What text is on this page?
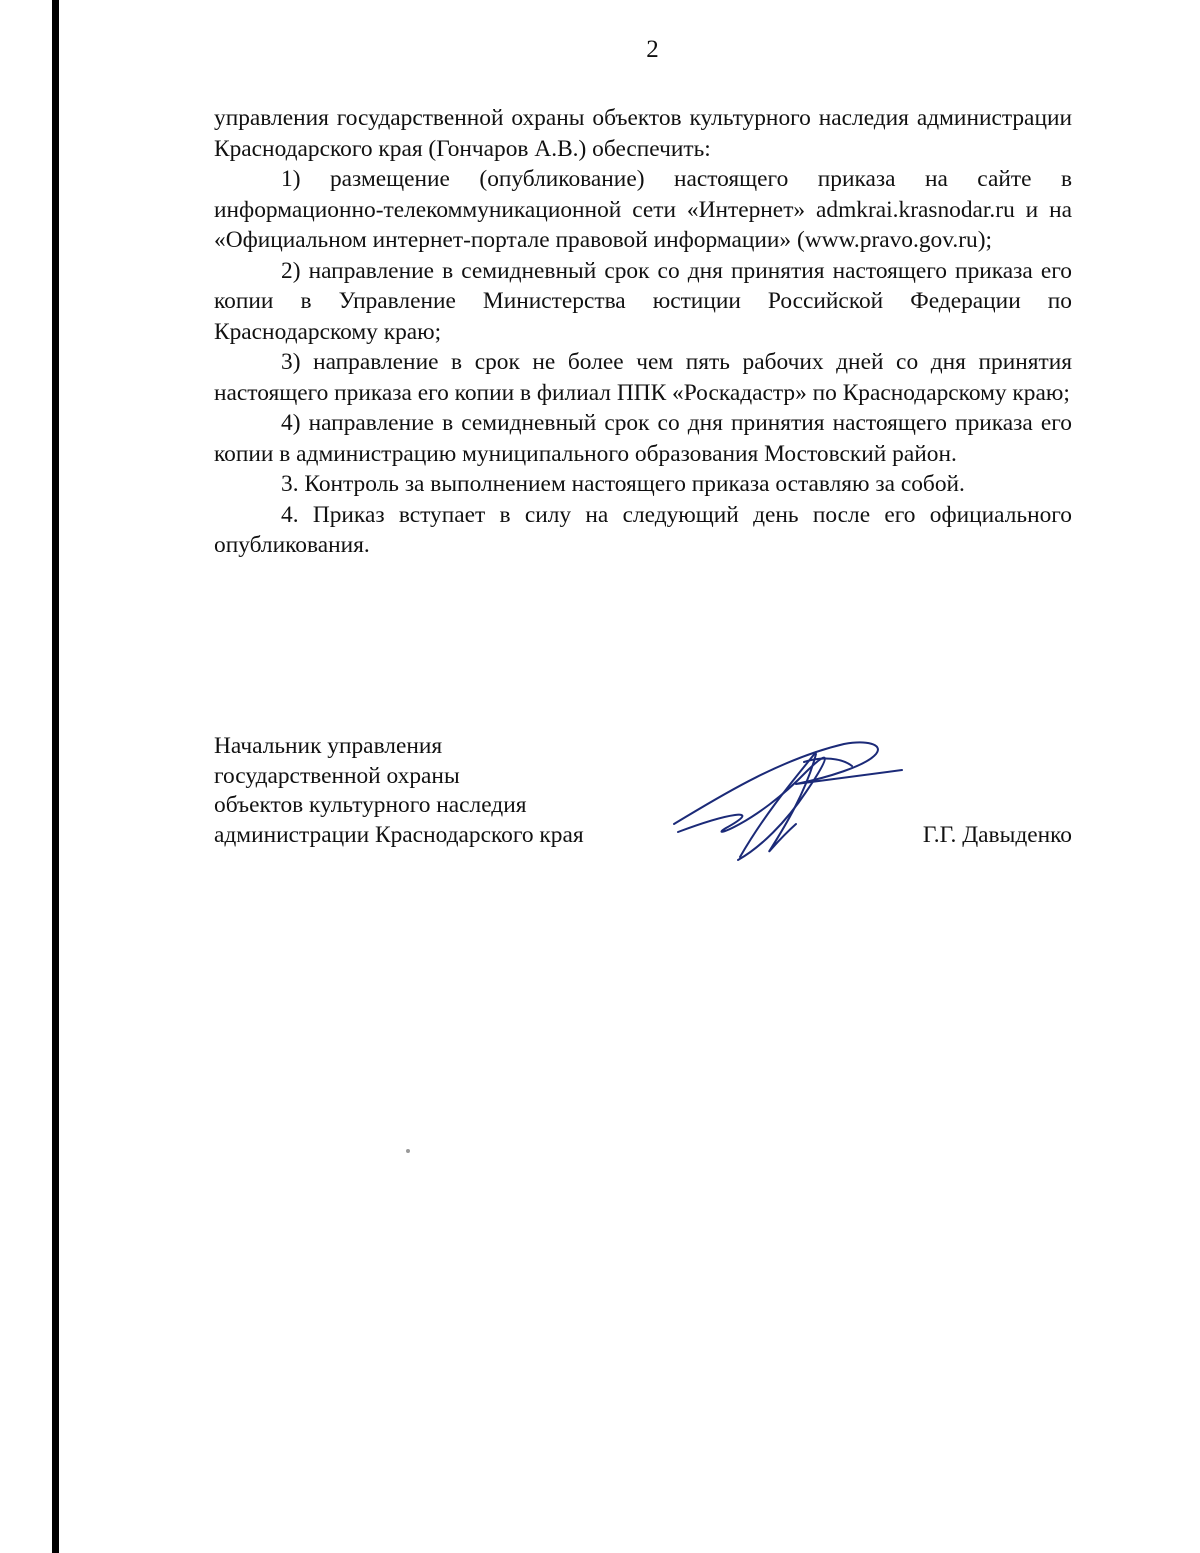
2

управления государственной охраны объектов культурного наследия администрации Краснодарского края (Гончаров А.В.) обеспечить:

1) размещение (опубликование) настоящего приказа на сайте в информационно-телекоммуникационной сети «Интернет» admkrai.krasnodar.ru и на «Официальном интернет-портале правовой информации» (www.pravo.gov.ru);

2) направление в семидневный срок со дня принятия настоящего приказа его копии в Управление Министерства юстиции Российской Федерации по Краснодарскому краю;

3) направление в срок не более чем пять рабочих дней со дня принятия настоящего приказа его копии в филиал ППК «Роскадастр» по Краснодарскому краю;

4) направление в семидневный срок со дня принятия настоящего приказа его копии в администрацию муниципального образования Мостовский район.

3. Контроль за выполнением настоящего приказа оставляю за собой.

4. Приказ вступает в силу на следующий день после его официального опубликования.

Начальник управления
государственной охраны
объектов культурного наследия
администрации Краснодарского края	Г.Г. Давыденко
